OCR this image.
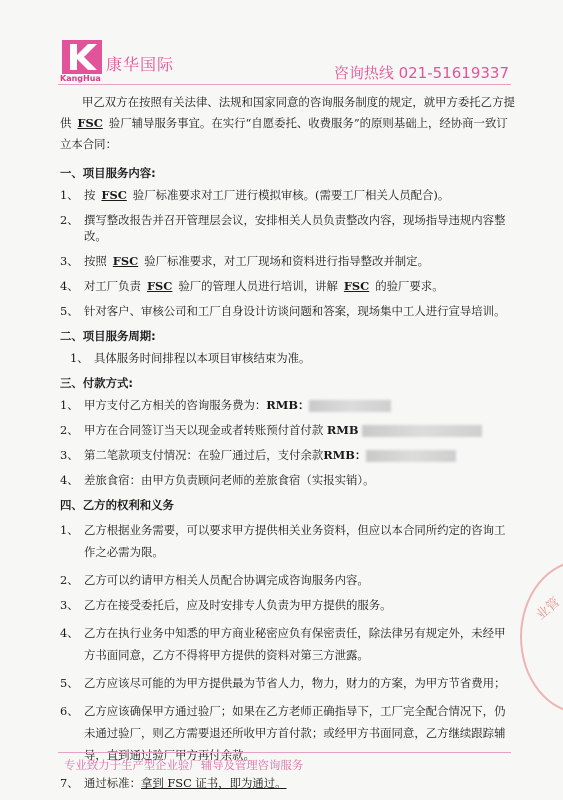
康华国际
KangHua	咨询热线 021-51619337

甲乙双方在按照有关法律、法规和国家同意的咨询服务制度的规定，就甲方委托乙方提供 FSC 验厂辅导服务事宜。在实行“自愿委托、收费服务”的原则基础上，经协商一致订立本合同：

一、项目服务内容:
1、 按 FSC 验厂标准要求对工厂进行模拟审核。(需要工厂相关人员配合)。
2、 撰写整改报告并召开管理层会议，安排相关人员负责整改内容，现场指导违规内容整改。
3、 按照 FSC 验厂标准要求，对工厂现场和资料进行指导整改并制定。
4、 对工厂负责 FSC 验厂的管理人员进行培训，讲解 FSC 的验厂要求。
5、 针对客户、审核公司和工厂自身设计访谈问题和答案，现场集中工人进行宣导培训。
二、项目服务周期:
1、 具体服务时间排程以本项目审核结束为准。
三、付款方式:
1、 甲方支付乙方相关的咨询服务费为：RMB：
2、 甲方在合同签订当天以现金或者转账预付首付款 RMB
3、 第二笔款项支付情况：在验厂通过后，支付余款RMB：
4、 差旅食宿：由甲方负责顾问老师的差旅食宿（实报实销）。
四、乙方的权利和义务
1、 乙方根据业务需要，可以要求甲方提供相关业务资料，但应以本合同所约定的咨询工作之必需为限。
2、 乙方可以约请甲方相关人员配合协调完成咨询服务内容。
3、 乙方在接受委托后，应及时安排专人负责为甲方提供的服务。
4、 乙方在执行业务中知悉的甲方商业秘密应负有保密责任，除法律另有规定外，未经甲方书面同意，乙方不得将甲方提供的资料对第三方泄露。
5、 乙方应该尽可能的为甲方提供最为节省人力，物力，财力的方案，为甲方节省费用；
6、 乙方应该确保甲方通过验厂；如果在乙方老师正确指导下，工厂完全配合情况下，仍未通过验厂，则乙方需要退还所收甲方首付款；或经甲方书面同意，乙方继续跟踪辅导，直到通过验厂甲方再付余款。
7、 通过标准：拿到 FSC 证书，即为通过。
业管
专业致力于生产型企业验厂辅导及管理咨询服务
